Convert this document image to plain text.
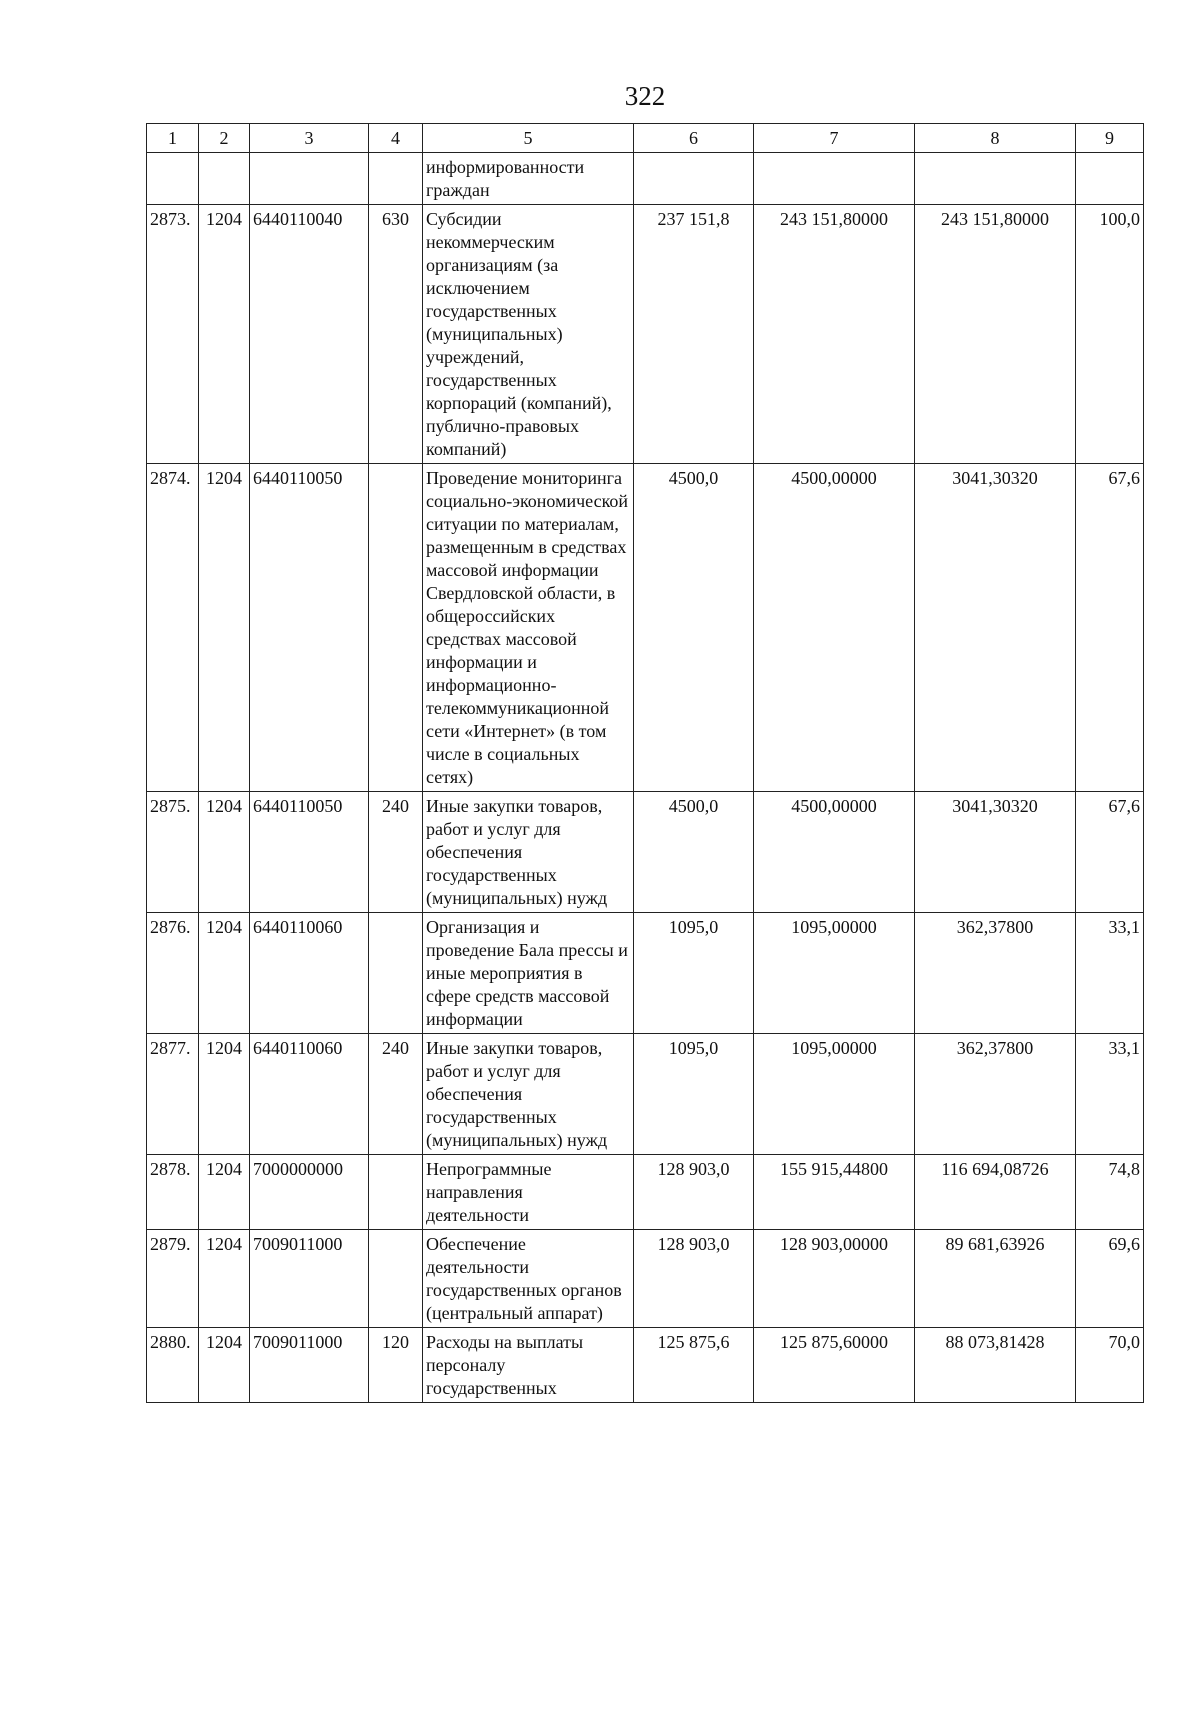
322
1	2	3	4	5	6	7	8	9
				информированности граждан				
2873.	1204	6440110040	630	Субсидии некоммерческим организациям (за исключением государственных (муниципальных) учреждений, государственных корпораций (компаний), публично-правовых компаний)	237 151,8	243 151,80000	243 151,80000	100,0
2874.	1204	6440110050		Проведение мониторинга социально-экономической ситуации по материалам, размещенным в средствах массовой информации Свердловской области, в общероссийских средствах массовой информации и информационно-телекоммуникационной сети «Интернет» (в том числе в социальных сетях)	4500,0	4500,00000	3041,30320	67,6
2875.	1204	6440110050	240	Иные закупки товаров, работ и услуг для обеспечения государственных (муниципальных) нужд	4500,0	4500,00000	3041,30320	67,6
2876.	1204	6440110060		Организация и проведение Бала прессы и иные мероприятия в сфере средств массовой информации	1095,0	1095,00000	362,37800	33,1
2877.	1204	6440110060	240	Иные закупки товаров, работ и услуг для обеспечения государственных (муниципальных) нужд	1095,0	1095,00000	362,37800	33,1
2878.	1204	7000000000		Непрограммные направления деятельности	128 903,0	155 915,44800	116 694,08726	74,8
2879.	1204	7009011000		Обеспечение деятельности государственных органов (центральный аппарат)	128 903,0	128 903,00000	89 681,63926	69,6
2880.	1204	7009011000	120	Расходы на выплаты персоналу государственных	125 875,6	125 875,60000	88 073,81428	70,0
